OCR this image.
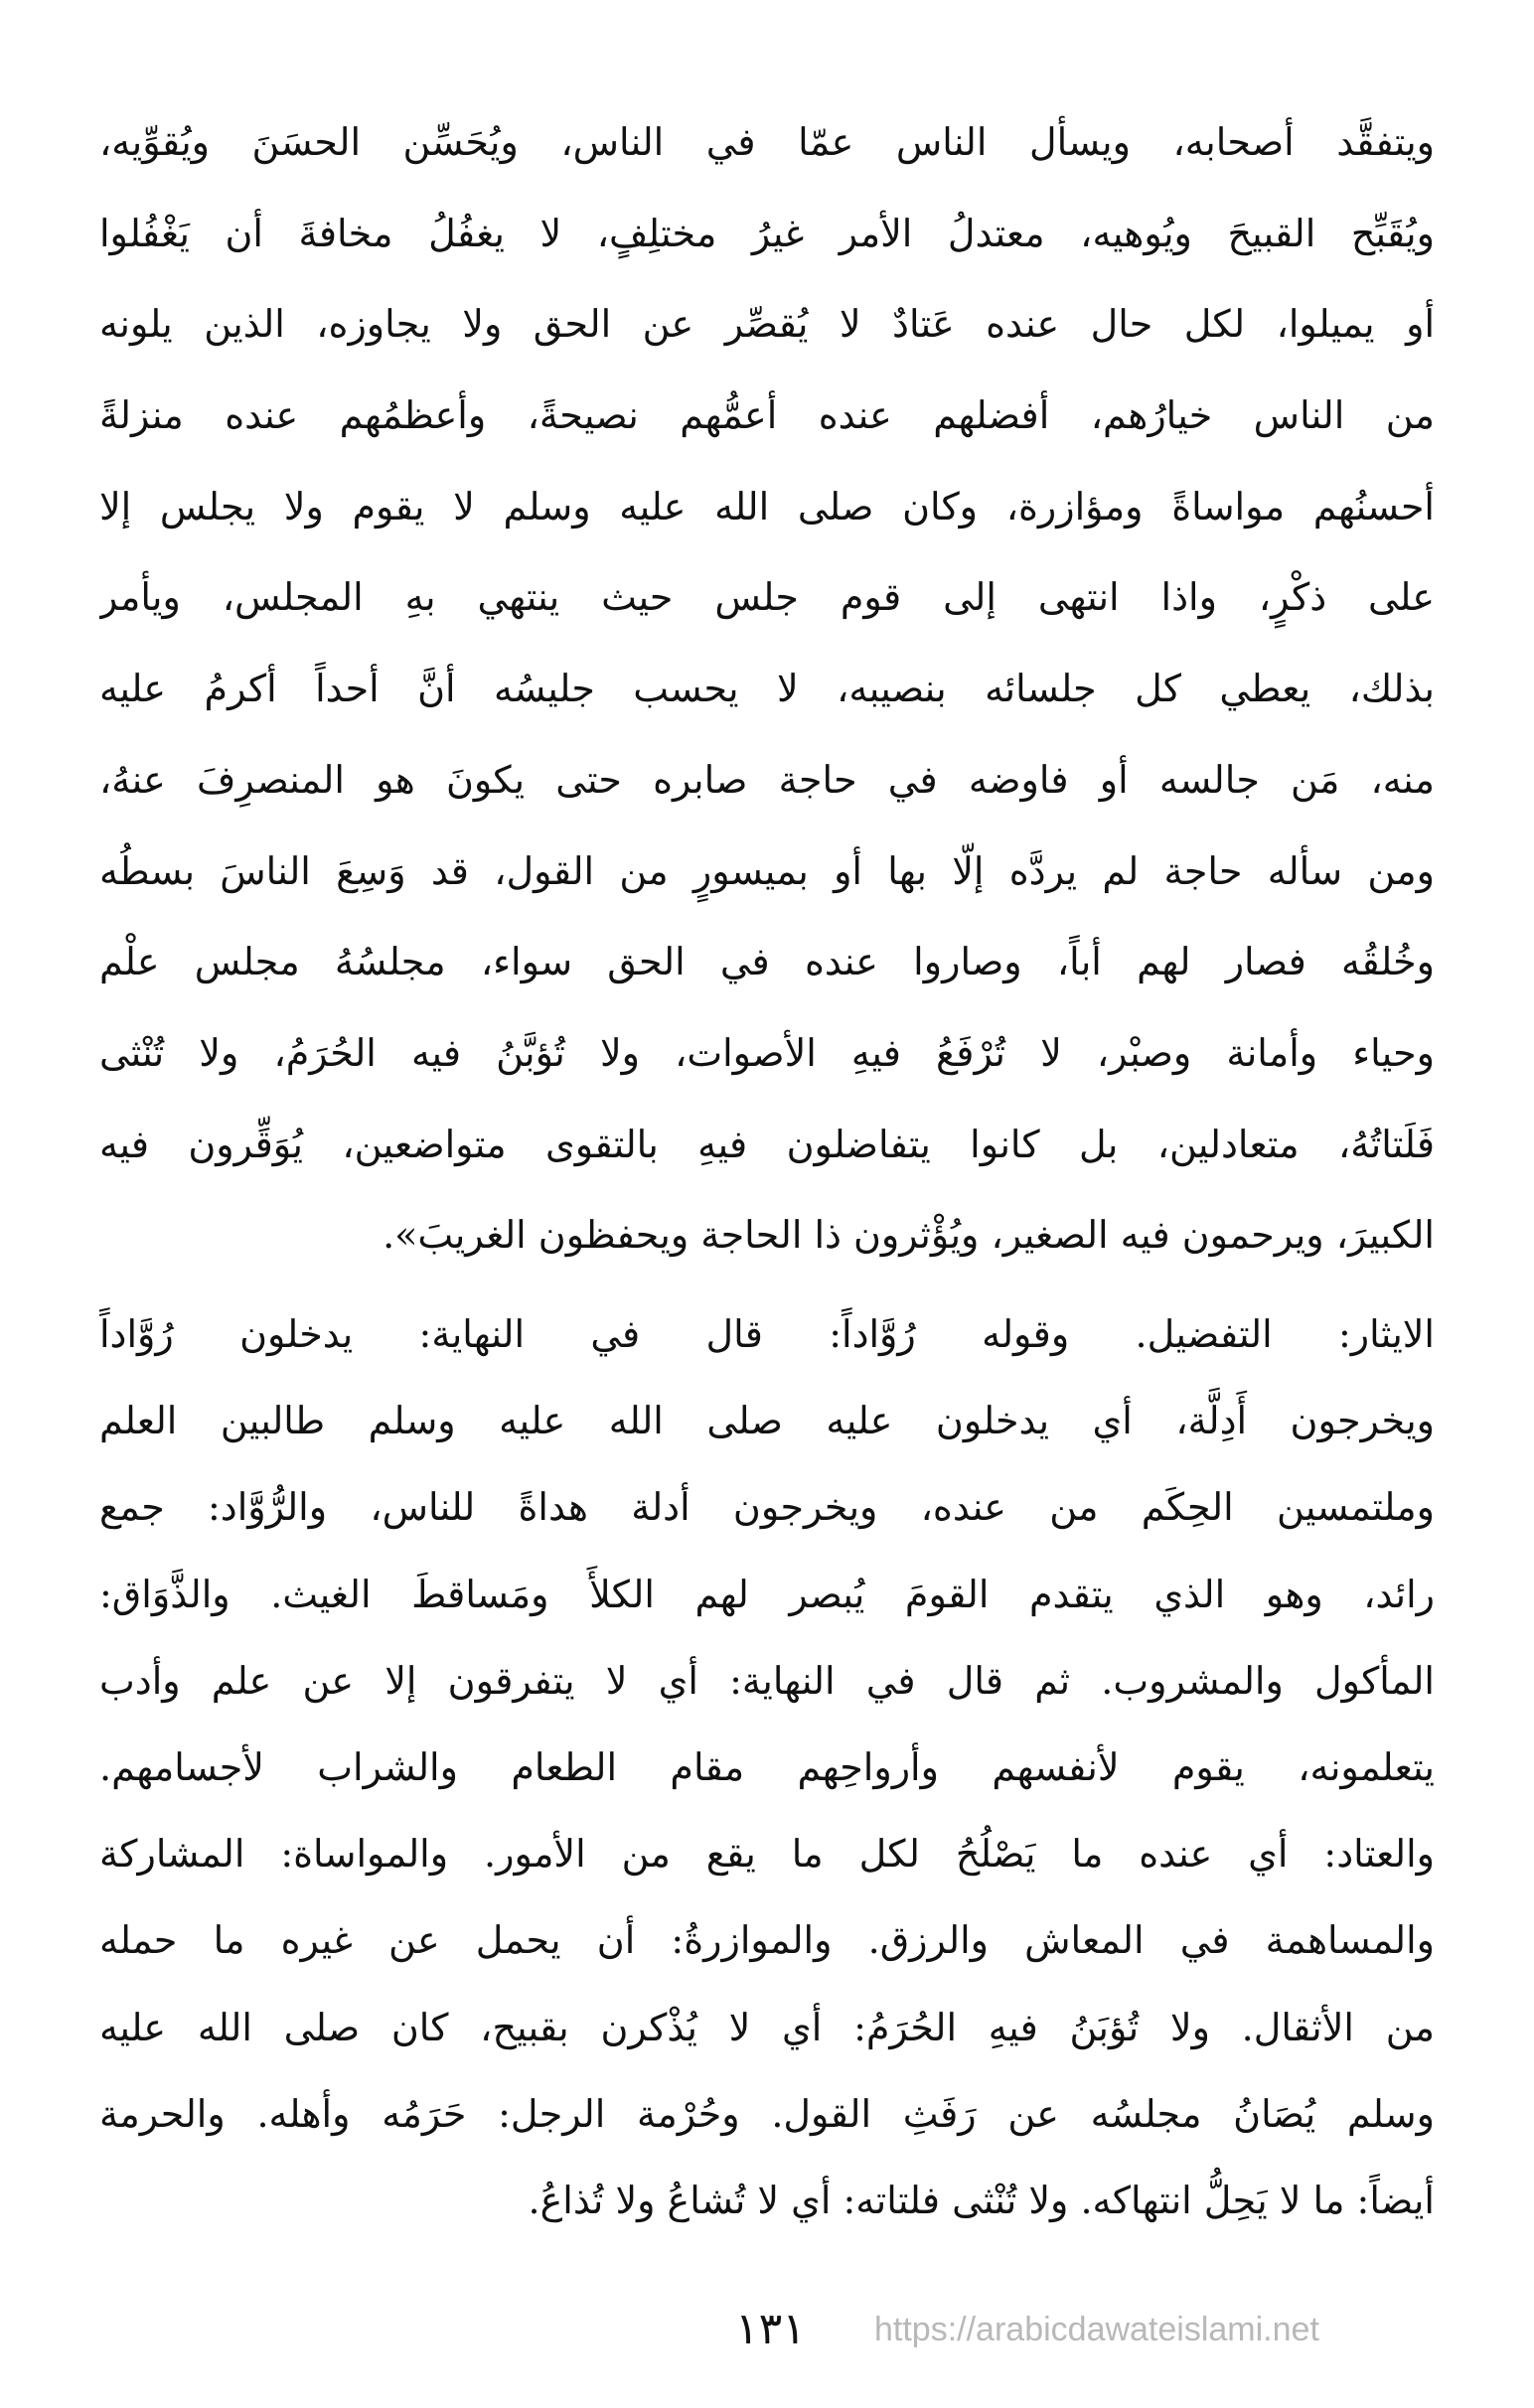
ويتفقَّد أصحابه، ويسأل الناس عمّا في الناس، ويُحَسِّن الحسَنَ ويُقوِّيه،
ويُقَبِّح القبيحَ ويُوهيه، معتدلُ الأمر غيرُ مختلِفٍ، لا يغفُلُ مخافةَ أن يَغْفُلوا
أو يميلوا، لكل حال عنده عَتادٌ لا يُقصِّر عن الحق ولا يجاوزه، الذين يلونه
من الناس خيارُهم، أفضلهم عنده أعمُّهم نصيحةً، وأعظمُهم عنده منزلةً
أحسنُهم مواساةً ومؤازرة، وكان صلى الله عليه وسلم لا يقوم ولا يجلس إلا
على ذكْرٍ، واذا انتهى إلى قوم جلس حيث ينتهي بهِ المجلس، ويأمر
بذلك، يعطي كل جلسائه بنصيبه، لا يحسب جليسُه أنَّ أحداً أكرمُ عليه
منه، مَن جالسه أو فاوضه في حاجة صابره حتى يكونَ هو المنصرِفَ عنهُ،
ومن سأله حاجة لم يردَّه إلّا بها أو بميسورٍ من القول، قد وَسِعَ الناسَ بسطُه
وخُلقُه فصار لهم أباً، وصاروا عنده في الحق سواء، مجلسُهُ مجلس علْم
وحياء وأمانة وصبْر، لا تُرْفَعُ فيهِ الأصوات، ولا تُؤبَّنُ فيه الحُرَمُ، ولا تُنْثى
فَلَتاتُهُ، متعادلين، بل كانوا يتفاضلون فيهِ بالتقوى متواضعين، يُوَقِّرون فيه
الكبيرَ، ويرحمون فيه الصغير، ويُؤْثرون ذا الحاجة ويحفظون الغريبَ».
الايثار: التفضيل. وقوله رُوَّاداً: قال في النهاية: يدخلون رُوَّاداً
ويخرجون أَدِلَّة، أي يدخلون عليه صلى الله عليه وسلم طالبين العلم
وملتمسين الحِكَم من عنده، ويخرجون أدلة هداةً للناس، والرُّوَّاد: جمع
رائد، وهو الذي يتقدم القومَ يُبصر لهم الكلأَ ومَساقطَ الغيث. والذَّوَاق:
المأكول والمشروب. ثم قال في النهاية: أي لا يتفرقون إلا عن علم وأدب
يتعلمونه، يقوم لأنفسهم وأرواحِهم مقام الطعام والشراب لأجسامهم.
والعتاد: أي عنده ما يَصْلُحُ لكل ما يقع من الأمور. والمواساة: المشاركة
والمساهمة في المعاش والرزق. والموازرةُ: أن يحمل عن غيره ما حمله
من الأثقال. ولا تُؤبَنُ فيهِ الحُرَمُ: أي لا يُذْكرن بقبيح، كان صلى الله عليه
وسلم يُصَانُ مجلسُه عن رَفَثِ القول. وحُرْمة الرجل: حَرَمُه وأهله. والحرمة
أيضاً: ما لا يَحِلُّ انتهاكه. ولا تُنْثى فلتاته: أي لا تُشاعُ ولا تُذاعُ.
١٣١ https://arabicdawateislami.net
